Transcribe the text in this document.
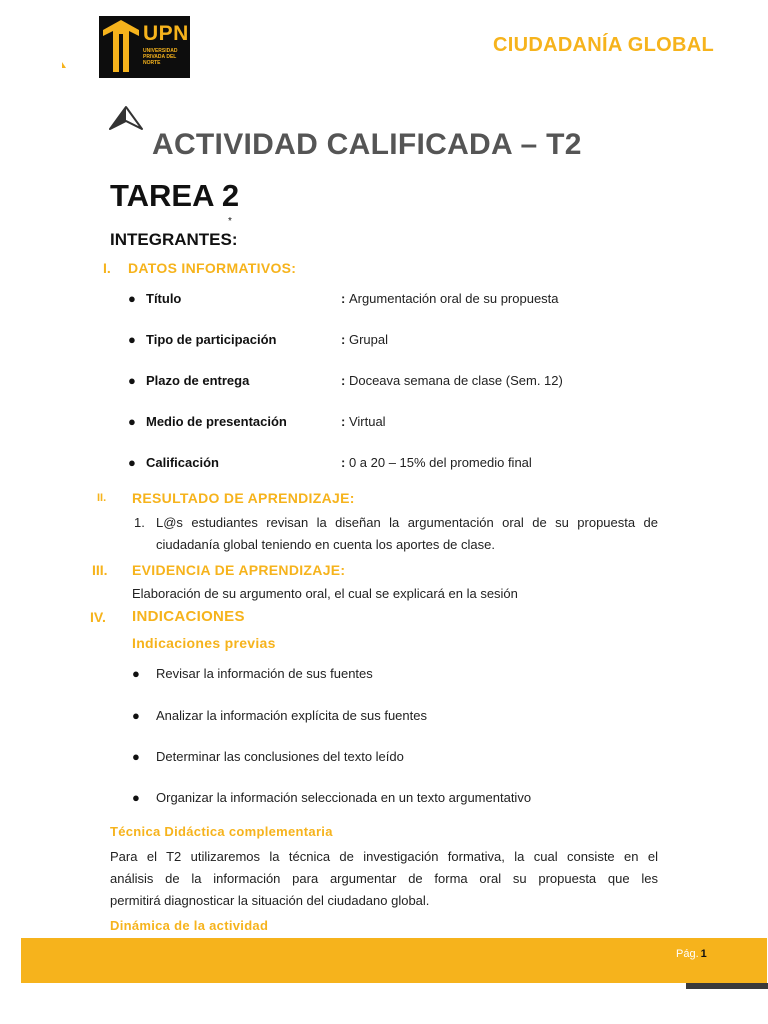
UPN
UNIVERSIDAD PRIVADA DEL NORTE
CIUDADANÍA GLOBAL
ACTIVIDAD CALIFICADA – T2
TAREA 2
*
INTEGRANTES:
I. DATOS INFORMATIVOS:
● Título	: Argumentación oral de su propuesta
● Tipo de participación	: Grupal
● Plazo de entrega	: Doceava semana de clase (Sem. 12)
● Medio de presentación	: Virtual
● Calificación	: 0 a 20 – 15% del promedio final
II. RESULTADO DE APRENDIZAJE:
1. L@s estudiantes revisan la diseñan la argumentación oral de su propuesta de
ciudadanía global teniendo en cuenta los aportes de clase.
III. EVIDENCIA DE APRENDIZAJE:
Elaboración de su argumento oral, el cual se explicará en la sesión
IV. INDICACIONES
Indicaciones previas
● Revisar la información de sus fuentes
● Analizar la información explícita de sus fuentes
● Determinar las conclusiones del texto leído
● Organizar la información seleccionada en un texto argumentativo
Técnica Didáctica complementaria
Para el T2 utilizaremos la técnica de investigación formativa, la cual consiste en el
análisis de la información para argumentar de forma oral su propuesta que les
permitirá diagnosticar la situación del ciudadano global.
Dinámica de la actividad
Pág. 1
